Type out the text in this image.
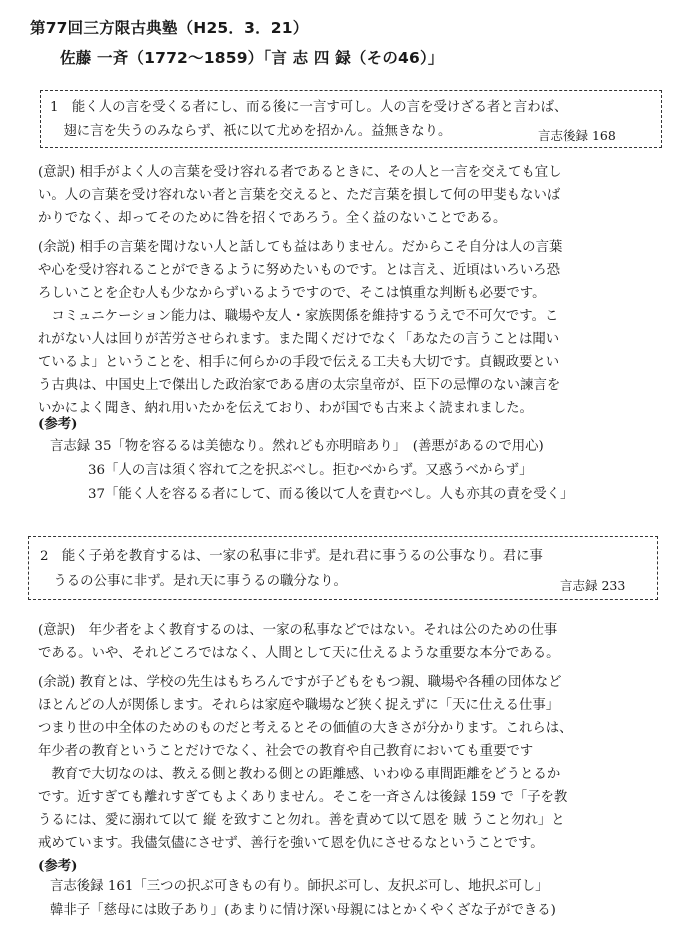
第77回三方限古典塾（H25．3．21）
佐藤 一斉（1772～1859）「言 志 四 録（その46）」
1　能く人の言を受くる者にし、而る後に一言す可し。人の言を受けざる者と言わば、
　翅に言を失うのみならず、祇に以て尤めを招かん。益無きなり。	言志後録 168
(意訳) 相手がよく人の言葉を受け容れる者であるときに、その人と一言を交えても宜し
い。人の言葉を受け容れない者と言葉を交えると、ただ言葉を損して何の甲斐もないば
かりでなく、却ってそのために咎を招くであろう。全く益のないことである。
(余説) 相手の言葉を聞けない人と話しても益はありません。だからこそ自分は人の言葉
や心を受け容れることができるように努めたいものです。とは言え、近頃はいろいろ恐
ろしいことを企む人も少なからずいるようですので、そこは慎重な判断も必要です。
　コミュニケーション能力は、職場や友人・家族関係を維持するうえで不可欠です。こ
れがない人は回りが苦労させられます。また聞くだけでなく「あなたの言うことは聞い
ているよ」ということを、相手に何らかの手段で伝える工夫も大切です。貞観政要とい
う古典は、中国史上で傑出した政治家である唐の太宗皇帝が、臣下の忌憚のない諫言を
いかによく聞き、納れ用いたかを伝えており、わが国でも古来よく読まれました。
(参考)
言志録 35「物を容るるは美徳なり。然れども亦明暗あり」　(善悪があるので用心)
36「人の言は須く容れて之を択ぶべし。拒むべからず。又惑うべからず」
37「能く人を容るる者にして、而る後以て人を責むべし。人も亦其の責を受く」
2　能く子弟を教育するは、一家の私事に非ず。是れ君に事うるの公事なり。君に事
　うるの公事に非ず。是れ天に事うるの職分なり。	言志録 233
(意訳)　年少者をよく教育するのは、一家の私事などではない。それは公のための仕事
である。いや、それどころではなく、人間として天に仕えるような重要な本分である。
(余説) 教育とは、学校の先生はもちろんですが子どもをもつ親、職場や各種の団体など
ほとんどの人が関係します。それらは家庭や職場など狭く捉えずに「天に仕える仕事」
つまり世の中全体のためのものだと考えるとその価値の大きさが分かります。これらは、
年少者の教育ということだけでなく、社会での教育や自己教育においても重要です
　教育で大切なのは、教える側と教わる側との距離感、いわゆる車間距離をどうとるか
です。近すぎても離れすぎてもよくありません。そこを一斉さんは後録 159 で「子を教
うるには、愛に溺れて以て 縦 を致すこと勿れ。善を責めて以て恩を 賊 うこと勿れ」と
戒めています。我儘気儘にさせず、善行を強いて恩を仇にさせるなということです。
(参考)
言志後録 161「三つの択ぶ可きもの有り。師択ぶ可し、友択ぶ可し、地択ぶ可し」
韓非子「慈母には敗子あり」(あまりに情け深い母親にはとかくやくざな子ができる)
